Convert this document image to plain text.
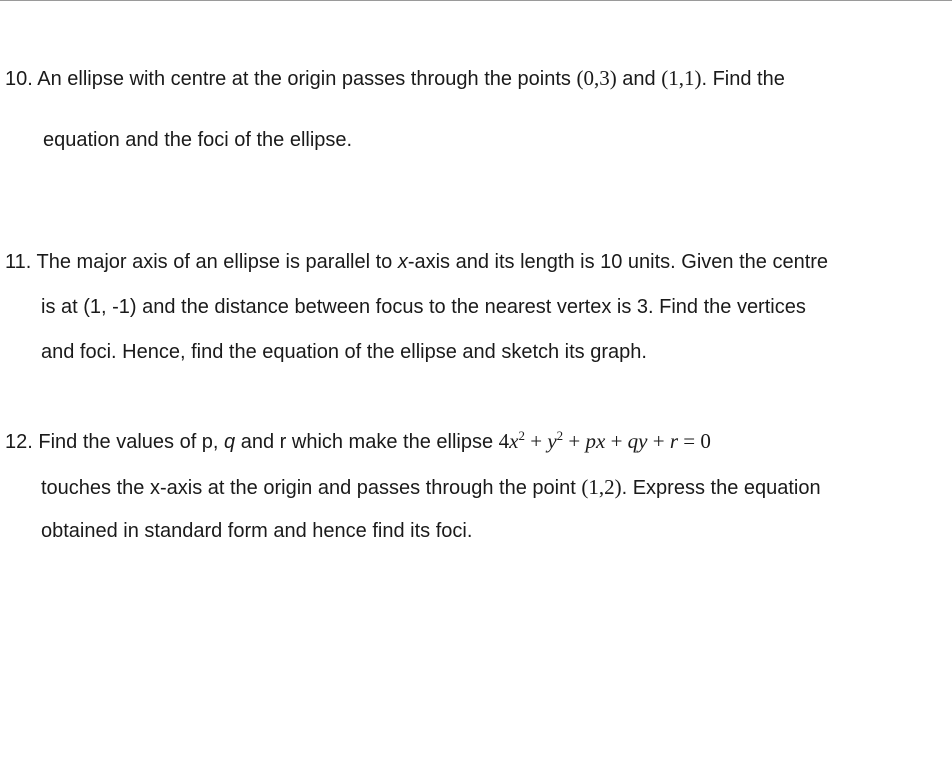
10. An ellipse with centre at the origin passes through the points (0,3) and (1,1). Find the
equation and the foci of the ellipse.
11. The major axis of an ellipse is parallel to x-axis and its length is 10 units. Given the centre
is at (1, -1) and the distance between focus to the nearest vertex is 3. Find the vertices
and foci. Hence, find the equation of the ellipse and sketch its graph.
12. Find the values of p, q and r which make the ellipse $4x^2 + y^2$ + px + qy + r = 0
touches the x-axis at the origin and passes through the point (1,2). Express the equation
obtained in standard form and hence find its foci.
